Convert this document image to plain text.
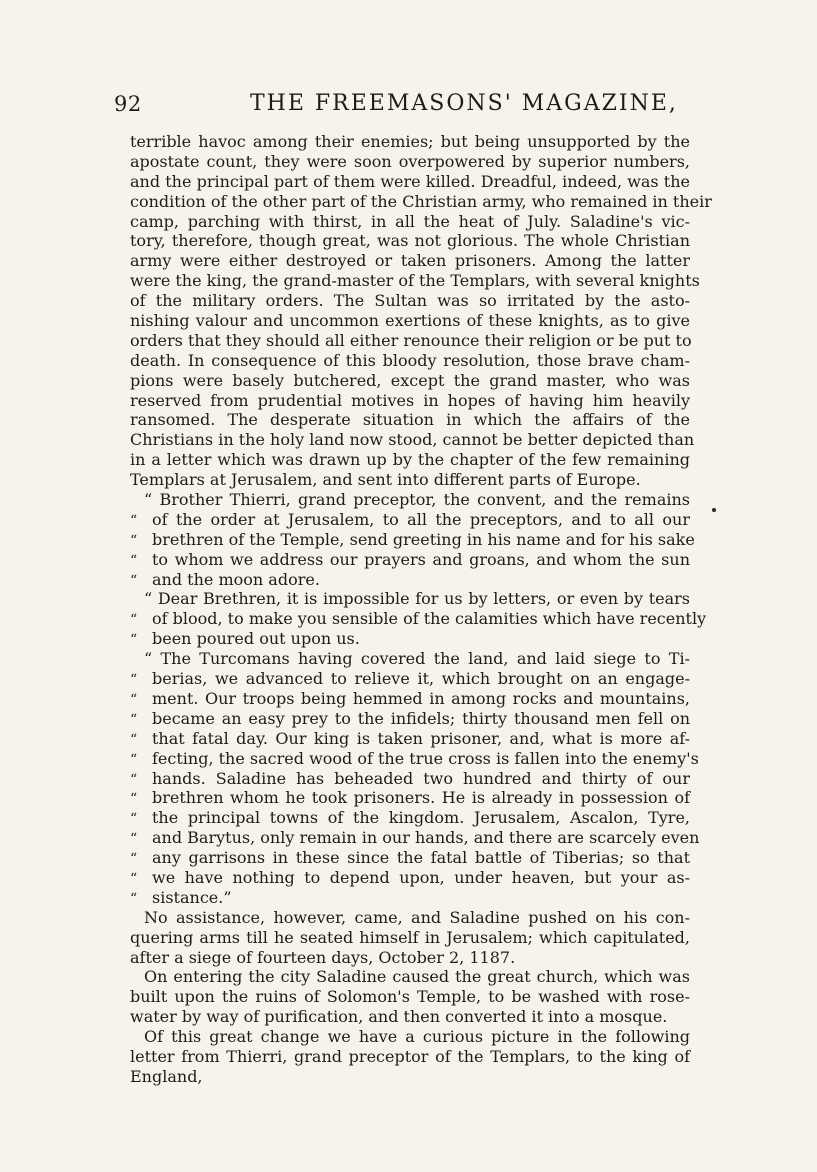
92	THE FREEMASONS' MAGAZINE,
terrible havoc among their enemies; but being unsupported by the
apostate count, they were soon overpowered by superior numbers,
and the principal part of them were killed. Dreadful, indeed, was the
condition of the other part of the Christian army, who remained in their
camp, parching with thirst, in all the heat of July. Saladine's vic-
tory, therefore, though great, was not glorious. The whole Christian
army were either destroyed or taken prisoners. Among the latter
were the king, the grand-master of the Templars, with several knights
of the military orders. The Sultan was so irritated by the asto-
nishing valour and uncommon exertions of these knights, as to give
orders that they should all either renounce their religion or be put to
death. In consequence of this bloody resolution, those brave cham-
pions were basely butchered, except the grand master, who was
reserved from prudential motives in hopes of having him heavily
ransomed. The desperate situation in which the affairs of the
Christians in the holy land now stood, cannot be better depicted than
in a letter which was drawn up by the chapter of the few remaining
Templars at Jerusalem, and sent into different parts of Europe.
“ Brother Thierri, grand preceptor, the convent, and the remains
“ of the order at Jerusalem, to all the preceptors, and to all our
“ brethren of the Temple, send greeting in his name and for his sake
“ to whom we address our prayers and groans, and whom the sun
“ and the moon adore.
“ Dear Brethren, it is impossible for us by letters, or even by tears
“ of blood, to make you sensible of the calamities which have recently
“ been poured out upon us.
“ The Turcomans having covered the land, and laid siege to Ti-
“ berias, we advanced to relieve it, which brought on an engage-
“ ment. Our troops being hemmed in among rocks and mountains,
“ became an easy prey to the infidels; thirty thousand men fell on
“ that fatal day. Our king is taken prisoner, and, what is more af-
“ fecting, the sacred wood of the true cross is fallen into the enemy's
“ hands. Saladine has beheaded two hundred and thirty of our
“ brethren whom he took prisoners. He is already in possession of
“ the principal towns of the kingdom. Jerusalem, Ascalon, Tyre,
“ and Barytus, only remain in our hands, and there are scarcely even
“ any garrisons in these since the fatal battle of Tiberias; so that
“ we have nothing to depend upon, under heaven, but your as-
“ sistance.”
No assistance, however, came, and Saladine pushed on his con-
quering arms till he seated himself in Jerusalem; which capitulated,
after a siege of fourteen days, October 2, 1187.
On entering the city Saladine caused the great church, which was
built upon the ruins of Solomon's Temple, to be washed with rose-
water by way of purification, and then converted it into a mosque.
Of this great change we have a curious picture in the following
letter from Thierri, grand preceptor of the Templars, to the king of
England,
